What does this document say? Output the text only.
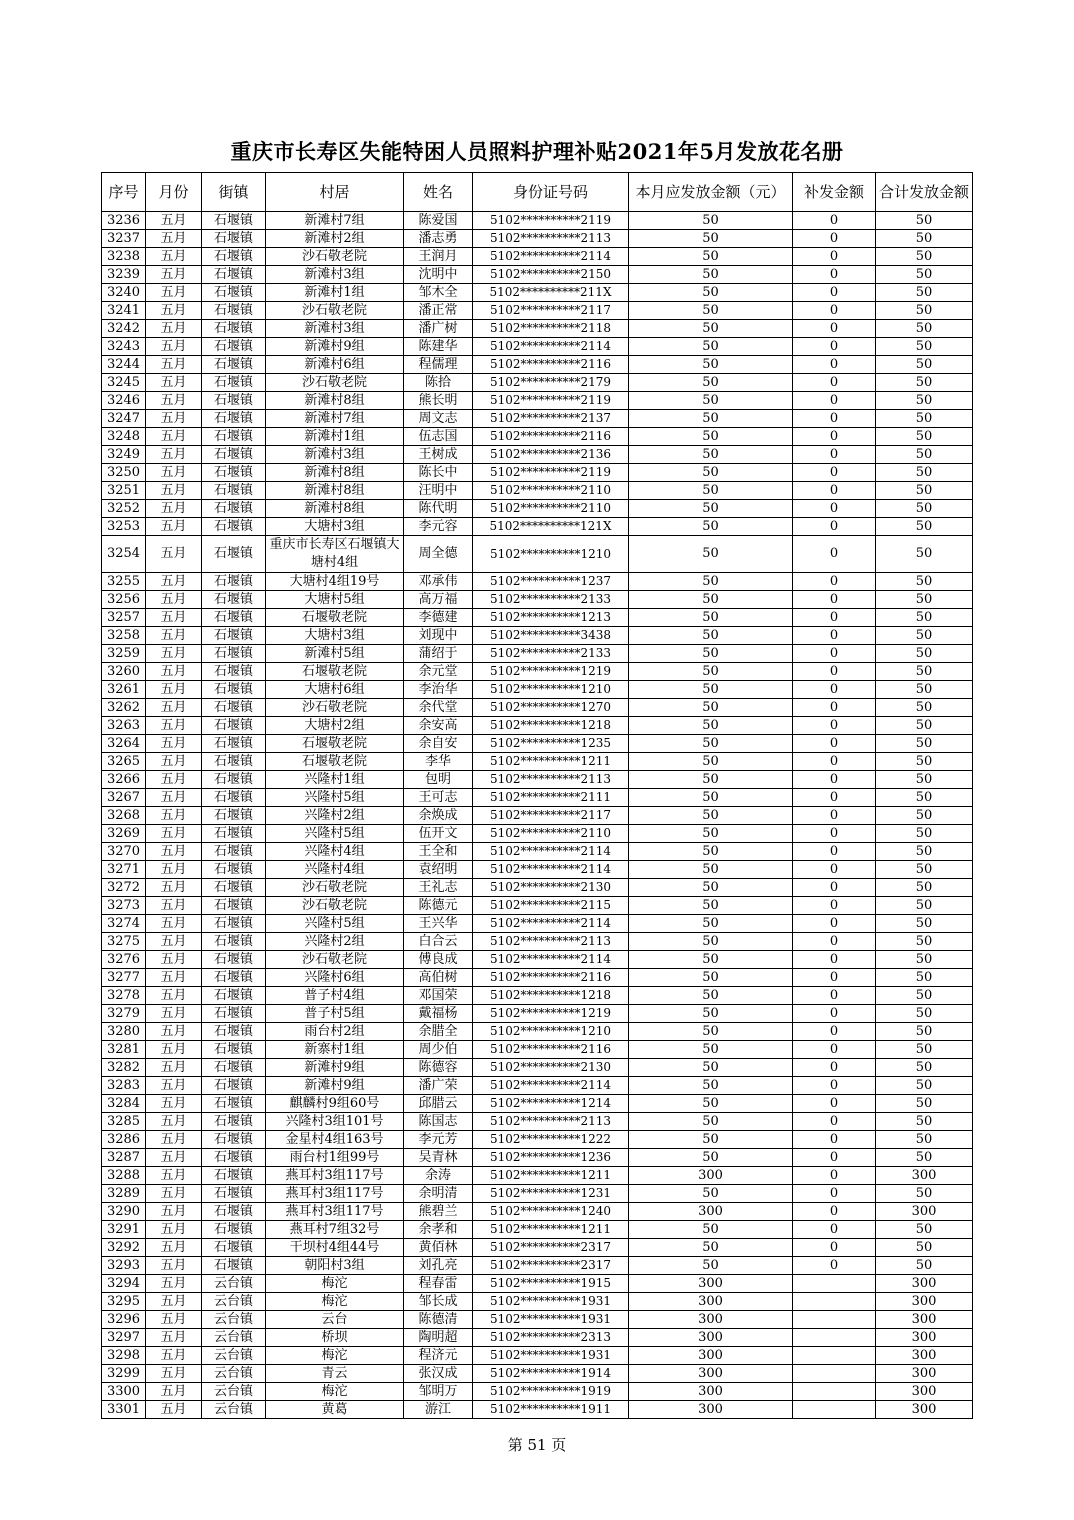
重庆市长寿区失能特困人员照料护理补贴2021年5月发放花名册
序号	月份	街镇	村居	姓名	身份证号码	本月应发放金额（元）	补发金额	合计发放金额
3236	五月	石堰镇	新滩村7组	陈爱国	5102**********2119	50	0	50
3237	五月	石堰镇	新滩村2组	潘志勇	5102**********2113	50	0	50
3238	五月	石堰镇	沙石敬老院	王润月	5102**********2114	50	0	50
3239	五月	石堰镇	新滩村3组	沈明中	5102**********2150	50	0	50
3240	五月	石堰镇	新滩村1组	邹木全	5102**********211X	50	0	50
3241	五月	石堰镇	沙石敬老院	潘正常	5102**********2117	50	0	50
3242	五月	石堰镇	新滩村3组	潘广树	5102**********2118	50	0	50
3243	五月	石堰镇	新滩村9组	陈建华	5102**********2114	50	0	50
3244	五月	石堰镇	新滩村6组	程儒理	5102**********2116	50	0	50
3245	五月	石堰镇	沙石敬老院	陈拾	5102**********2179	50	0	50
3246	五月	石堰镇	新滩村8组	熊长明	5102**********2119	50	0	50
3247	五月	石堰镇	新滩村7组	周文志	5102**********2137	50	0	50
3248	五月	石堰镇	新滩村1组	伍志国	5102**********2116	50	0	50
3249	五月	石堰镇	新滩村3组	王树成	5102**********2136	50	0	50
3250	五月	石堰镇	新滩村8组	陈长中	5102**********2119	50	0	50
3251	五月	石堰镇	新滩村8组	汪明中	5102**********2110	50	0	50
3252	五月	石堰镇	新滩村8组	陈代明	5102**********2110	50	0	50
3253	五月	石堰镇	大塘村3组	李元容	5102**********121X	50	0	50
3254	五月	石堰镇	重庆市长寿区石堰镇大塘村4组	周全德	5102**********1210	50	0	50
3255	五月	石堰镇	大塘村4组19号	邓承伟	5102**********1237	50	0	50
3256	五月	石堰镇	大塘村5组	高万福	5102**********2133	50	0	50
3257	五月	石堰镇	石堰敬老院	李德建	5102**********1213	50	0	50
3258	五月	石堰镇	大塘村3组	刘现中	5102**********3438	50	0	50
3259	五月	石堰镇	新滩村5组	蒲绍于	5102**********2133	50	0	50
3260	五月	石堰镇	石堰敬老院	余元堂	5102**********1219	50	0	50
3261	五月	石堰镇	大塘村6组	李治华	5102**********1210	50	0	50
3262	五月	石堰镇	沙石敬老院	余代堂	5102**********1270	50	0	50
3263	五月	石堰镇	大塘村2组	余安高	5102**********1218	50	0	50
3264	五月	石堰镇	石堰敬老院	余自安	5102**********1235	50	0	50
3265	五月	石堰镇	石堰敬老院	李华	5102**********1211	50	0	50
3266	五月	石堰镇	兴隆村1组	包明	5102**********2113	50	0	50
3267	五月	石堰镇	兴隆村5组	王可志	5102**********2111	50	0	50
3268	五月	石堰镇	兴隆村2组	余焕成	5102**********2117	50	0	50
3269	五月	石堰镇	兴隆村5组	伍开文	5102**********2110	50	0	50
3270	五月	石堰镇	兴隆村4组	王全和	5102**********2114	50	0	50
3271	五月	石堰镇	兴隆村4组	袁绍明	5102**********2114	50	0	50
3272	五月	石堰镇	沙石敬老院	王礼志	5102**********2130	50	0	50
3273	五月	石堰镇	沙石敬老院	陈德元	5102**********2115	50	0	50
3274	五月	石堰镇	兴隆村5组	王兴华	5102**********2114	50	0	50
3275	五月	石堰镇	兴隆村2组	白合云	5102**********2113	50	0	50
3276	五月	石堰镇	沙石敬老院	傅良成	5102**********2114	50	0	50
3277	五月	石堰镇	兴隆村6组	高伯树	5102**********2116	50	0	50
3278	五月	石堰镇	普子村4组	邓国荣	5102**********1218	50	0	50
3279	五月	石堰镇	普子村5组	戴福杨	5102**********1219	50	0	50
3280	五月	石堰镇	雨台村2组	余腊全	5102**********1210	50	0	50
3281	五月	石堰镇	新寨村1组	周少伯	5102**********2116	50	0	50
3282	五月	石堰镇	新滩村9组	陈德容	5102**********2130	50	0	50
3283	五月	石堰镇	新滩村9组	潘广荣	5102**********2114	50	0	50
3284	五月	石堰镇	麒麟村9组60号	邱腊云	5102**********1214	50	0	50
3285	五月	石堰镇	兴隆村3组101号	陈国志	5102**********2113	50	0	50
3286	五月	石堰镇	金星村4组163号	李元芳	5102**********1222	50	0	50
3287	五月	石堰镇	雨台村1组99号	吴青林	5102**********1236	50	0	50
3288	五月	石堰镇	燕耳村3组117号	余涛	5102**********1211	300	0	300
3289	五月	石堰镇	燕耳村3组117号	余明清	5102**********1231	50	0	50
3290	五月	石堰镇	燕耳村3组117号	熊碧兰	5102**********1240	300	0	300
3291	五月	石堰镇	燕耳村7组32号	余孝和	5102**********1211	50	0	50
3292	五月	石堰镇	干坝村4组44号	黄佰林	5102**********2317	50	0	50
3293	五月	石堰镇	朝阳村3组	刘孔亮	5102**********2317	50	0	50
3294	五月	云台镇	梅沱	程春雷	5102**********1915	300		300
3295	五月	云台镇	梅沱	邹长成	5102**********1931	300		300
3296	五月	云台镇	云台	陈德清	5102**********1931	300		300
3297	五月	云台镇	桥坝	陶明超	5102**********2313	300		300
3298	五月	云台镇	梅沱	程济元	5102**********1931	300		300
3299	五月	云台镇	青云	张汉成	5102**********1914	300		300
3300	五月	云台镇	梅沱	邹明万	5102**********1919	300		300
3301	五月	云台镇	黄葛	游江	5102**********1911	300		300
第 51 页
